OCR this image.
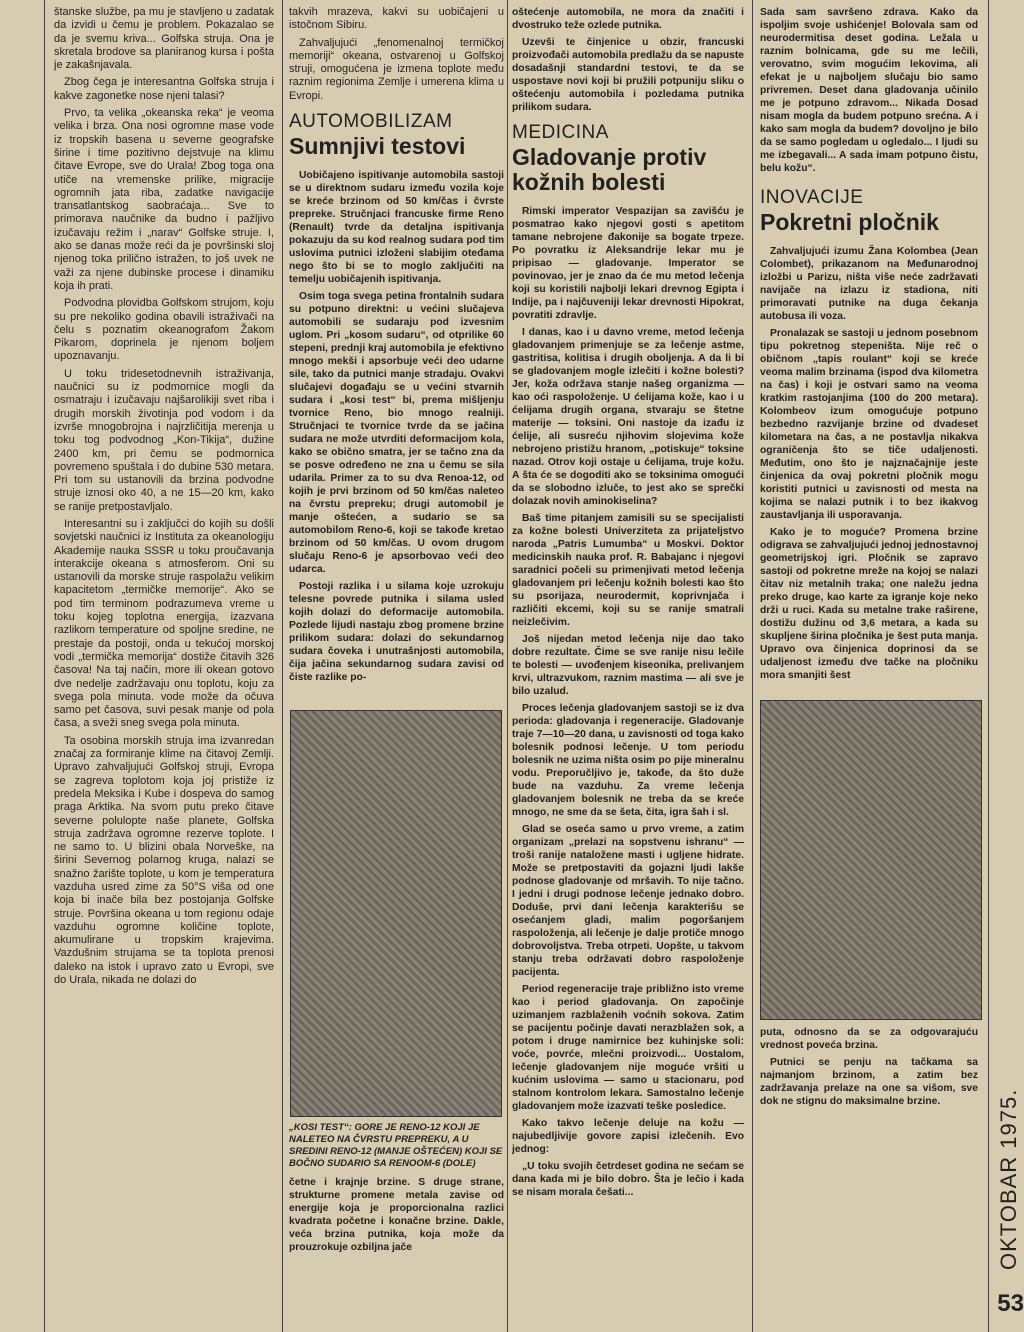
štanske službe, pa mu je stavljeno u zadatak da izvidi u čemu je problem. Pokazalao se da je svemu kriva... Golfska struja. Ona je skretala brodove sa planiranog kursa i pošta je zakašnjavala.

Zbog čega je interesantna Golfska struja i kakve zagonetke nose njeni talasi?

Prvo, ta velika „okeanska reka“ je veoma velika i brza. Ona nosi ogromne mase vode iz tropskih basena u severne geografske širine i time pozitivno dejstvuje na klimu čitave Evrope, sve do Urala! Zbog toga ona utiče na vremenske prilike, migracije ogromnih jata riba, zadatke navigacije transatlantskog saobraćaja... Sve to primorava naučnike da budno i pažljivo izučavaju režim i „narav“ Golfske struje. I, ako se danas može reći da je površinski sloj njenog toka prilično istražen, to još uvek ne važi za njene dubinske procese i dinamiku koja ih prati.

Podvodna plovidba Golfskom strujom, koju su pre nekoliko godina obavili istraživači na čelu s poznatim okeanografom Žakom Pikarom, doprinela je njenom boljem upoznavanju.

U toku tridesetodnevnih istraživanja, naučnici su iz podmornice mogli da osmatraju i izučavaju najšarolikiji svet riba i drugih morskih životinja pod vodom i da izvrše mnogobrojna i najrzličitija merenja u toku tog podvodnog „Kon-Tikija“, dužine 2400 km, pri čemu se podmornica povremeno spuštala i do dubine 530 metara. Pri tom su ustanovili da brzina podvodne struje iznosi oko 40, a ne 15—20 km, kako se ranije pretpostavljalo.

Interesantni su i zaključci do kojih su došli sovjetski naučnici iz Instituta za okeanologiju Akademije nauka SSSR u toku proučavanja interakcije okeana s atmosferom. Oni su ustanovili da morske struje raspolažu velikim kapacitetom „termičke memorije“. Ako se pod tim terminom podrazumeva vreme u toku kojeg toplotna energija, izazvana razlikom temperature od spoljne sredine, ne prestaje da postoji, onda u tekućoj morskoj vodi „termička memorija“ dostiže čitavih 326 časova! Na taj način, more ili okean gotovo dve nedelje zadržavaju onu toplotu, koju za svega pola minuta. vode može da očuva samo pet časova, suvi pesak manje od pola časa, a sveži sneg svega pola minuta.

Ta osobina morskih struja ima izvanredan značaj za formiranje klime na čitavoj Zemlji. Upravo zahvaljujući Golfskoj struji, Evropa se zagreva toplotom koja joj pristiže iz predela Meksika i Kube i dospeva do samog praga Arktika. Na svom putu preko čitave severne polulopte naše planete, Golfska struja zadržava ogromne rezerve toplote. I ne samo to. U blizini obala Norveške, na širini Severnog polarnog kruga, nalazi se snažno žarište toplote, u kom je temperatura vazduha usred zime za 50°S viša od one koja bi inače bila bez postojanja Golfske struje. Površina okeana u tom regionu odaje vazduhu ogromne količine toplote, akumulirane u tropskim krajevima. Vazdušnim strujama se ta toplota prenosi daleko na istok i upravo zato u Evropi, sve do Urala, nikada ne dolazi do

takvih mrazeva, kakvi su uobičajeni u istočnom Sibiru.

Zahvaljujući „fenomenalnoj termičkoj memoriji“ okeana, ostvarenoj u Golfskoj struji, omogućena je izmena toplote među raznim regionima Zemlje i umerena klima u Evropi.

AUTOMOBILIZAM
Sumnjivi testovi

Uobičajeno ispitivanje automobila sastoji se u direktnom sudaru između vozila koje se kreće brzinom od 50 km/čas i čvrste prepreke. Stručnjaci francuske firme Reno (Renault) tvrde da detaljna ispitivanja pokazuju da su kod realnog sudara pod tim uslovima putnici izloženi slabijim oteđama nego što bi se to moglo zaključiti na temelju uobičajenih ispitivanja.

Osim toga svega petina frontalnih sudara su potpuno direktni: u većini slučajeva automobili se sudaraju pod izvesnim uglom. Pri „kosom sudaru“, od otprilike 60 stepeni, prednji kraj automobila je efektivno mnogo mekši i apsorbuje veći deo udarne sile, tako da putnici manje stradaju. Ovakvi slučajevi događaju se u većini stvarnih sudara i „kosi test“ bi, prema mišljenju tvornice Reno, bio mnogo realniji. Stručnjaci te tvornice tvrde da se jačina sudara ne može utvrditi deformacijom kola, kako se obično smatra, jer se tačno zna da se posve određeno ne zna u čemu se sila udarila. Primer za to su dva Renoa-12, od kojih je prvi brzinom od 50 km/čas naleteo na čvrstu prepreku; drugi automobil je manje oštećen, a sudario se sa automobilom Reno-6, koji se takođe kretao brzinom od 50 km/čas. U ovom drugom slučaju Reno-6 je apsorbovao veći deo udarca.

Postoji razlika i u silama koje uzrokuju telesne povrede putnika i silama usled kojih dolazi do deformacije automobila. Pozlede lijudi nastaju zbog promene brzine prilikom sudara: dolazi do sekundarnog sudara čoveka i unutrašnjosti automobila, čija jačina sekundarnog sudara zavisi od čiste razlike po-

„KOSI TEST“: GORE JE RENO-12 KOJI JE NALETEO NA ČVRSTU PREPREKU, A U SREDINI RENO-12 (MANJE OŠTEĆEN) KOJI SE BOČNO SUDARIO SA RENOOM-6 (DOLE)

četne i krajnje brzine. S druge strane, strukturne promene metala zavise od energije koja je proporcionalna razlici kvadrata početne i konačne brzine. Dakle, veća brzina putnika, koja može da prouzrokuje ozbiljna jače

oštećenje automobila, ne mora da značiti i dvostruko teže ozlede putnika.

Uzevši te činjenice u obzir, francuski proizvođači automobila predlažu da se napuste dosadašnji standardni testovi, te da se uspostave novi koji bi pružili potpuniju sliku o oštećenju automobila i pozledama putnika prilikom sudara.

MEDICINA
Gladovanje protiv kožnih bolesti

Rimski imperator Vespazijan sa zavišću je posmatrao kako njegovi gosti s apetitom tamane nebrojene đakonije sa bogate trpeze. Po povratku iz Aleksandrije lekar mu je pripisao — gladovanje. Imperator se povinovao, jer je znao da će mu metod lečenja koji su koristili najbolji lekari drevnog Egipta i Indije, pa i najčuveniji lekar drevnosti Hipokrat, povratiti zdravlje.

I danas, kao i u davno vreme, metod lečenja gladovanjem primenjuje se za lečenje astme, gastritisa, kolitisa i drugih oboljenja. A da li bi se gladovanjem mogle izlečiti i kožne bolesti? Jer, koža održava stanje našeg organizma — kao oći raspoloženje. U ćelijama kože, kao i u ćelijama drugih organa, stvaraju se štetne materije — toksini. Oni nastoje da izađu iz ćelije, ali susreću njihovim slojevima kože nebrojeno pristižu hranom, „potiskuje“ toksine nazad. Otrov koji ostaje u ćelijama, truje kožu. A šta će se dogoditi ako se toksinima omogući da se slobodno izluče, to jest ako se sprečki dolazak novih aminokiselina?

Baš time pitanjem zamisili su se specijalisti za kožne bolesti Univerziteta za prijateljstvo naroda „Patris Lumumba“ u Moskvi. Doktor medicinskih nauka prof. R. Babajanc i njegovi saradnici počeli su primenjivati metod lečenja gladovanjem pri lečenju kožnih bolesti kao što su psorijaza, neurodermit, koprivnjača i različiti ekcemi, koji su se ranije smatrali neizlečivim.

Još nijedan metod lečenja nije dao tako dobre rezultate. Čime se sve ranije nisu lečile te bolesti — uvođenjem kiseonika, prelivanjem krvi, ultrazvukom, raznim mastima — ali sve je bilo uzalud.

Proces lečenja gladovanjem sastoji se iz dva perioda: gladovanja i regeneracije. Gladovanje traje 7—10—20 dana, u zavisnosti od toga kako bolesnik podnosi lečenje. U tom periodu bolesnik ne uzima ništa osim po pije mineralnu vodu. Preporučljivo je, takođe, da što duže bude na vazduhu. Za vreme lečenja gladovanjem bolesnik ne treba da se kreće mnogo, ne sme da se šeta, čita, igra šah i sl.

Glad se oseća samo u prvo vreme, a zatim organizam „prelazi na sopstvenu ishranu“ — troši ranije nataložene masti i ugljene hidrate. Može se pretpostaviti da gojazni ljudi lakše podnose gladovanje od mršavih. To nije tačno. I jedni i drugi podnose lečenje jednako dobro. Doduše, prvi dani lečenja karakterišu se osećanjem gladi, malim pogoršanjem raspoloženja, ali lečenje je dalje protiče mnogo dobrovoljstva. Treba otrpeti. Uopšte, u takvom stanju treba održavati dobro raspoloženje pacijenta.

Period regeneracije traje približno isto vreme kao i period gladovanja. On započinje uzimanjem razblaženih voćnih sokova. Zatim se pacijentu počinje davati nerazblažen sok, a potom i druge namirnice bez kuhinjske soli: voće, povrće, mlečni proizvodi... Uostalom, lečenje gladovanjem nije moguće vršiti u kućnim uslovima — samo u stacionaru, pod stalnom kontrolom lekara. Samostalno lečenje gladovanjem može izazvati teške posledice.

Kako takvo lečenje deluje na kožu — najubedljivije govore zapisi izlečenih. Evo jednog:

„U toku svojih četrdeset godina ne sećam se dana kada mi je bilo dobro. Šta je lečio i kada se nisam morala češati...

Sada sam savršeno zdrava. Kako da ispoljim svoje ushićenje! Bolovala sam od neurodermitisa deset godina. Ležala u raznim bolnicama, gde su me lečili, verovatno, svim mogućim lekovima, ali efekat je u najboljem slučaju bio samo privremen. Deset dana gladovanja učinilo me je potpuno zdravom... Nikada Dosad nisam mogla da budem potpuno srećna. A i kako sam mogla da budem? dovoljno je bilo da se samo pogledam u ogledalo... I ljudi su me izbegavali... A sada imam potpuno čistu, belu kožu“.

INOVACIJE
Pokretni pločnik

Zahvaljujući izumu Žana Kolombea (Jean Colombet), prikazanom na Međunarodnoj izložbi u Parizu, ništa više neće zadržavati navijače na izlazu iz stadiona, niti primoravati putnike na duga čekanja autobusa ili voza.

Pronalazak se sastoji u jednom posebnom tipu pokretnog stepeništa. Nije reč o običnom „tapis roulant“ koji se kreće veoma malim brzinama (ispod dva kilometra na čas) i koji je ostvari samo na veoma kratkim rastojanjima (100 do 200 metara). Kolombeov izum omogućuje potpuno bezbedno razvijanje brzine od dvadeset kilometara na čas, a ne postavlja nikakva ograničenja što se tiče udaljenosti. Međutim, ono što je najznačajnije jeste činjenica da ovaj pokretni pločnik mogu koristiti putnici u zavisnosti od mesta na kojima se nalazi putnik i to bez ikakvog zaustavljanja ili usporavanja.

Kako je to moguće? Promena brzine odigrava se zahvaljujući jednoj jednostavnoj geometrijskoj igri. Pločnik se zapravo sastoji od pokretne mreže na kojoj se nalazi čitav niz metalnih traka; one naležu jedna preko druge, kao karte za igranje koje neko drži u ruci. Kada su metalne trake raširene, dostižu dužinu od 3,6 metara, a kada su skupljene širina pločnika je šest puta manja. Upravo ova činjenica doprinosi da se udaljenost između dve tačke na pločniku mora smanjiti šest

puta, odnosno da se za odgovarajuću vrednost poveća brzina.

Putnici se penju na tačkama sa najmanjom brzinom, a zatim bez zadržavanja prelaze na one sa višom, sve dok ne stignu do maksimalne brzine.	OKTOBAR 1975.
53
